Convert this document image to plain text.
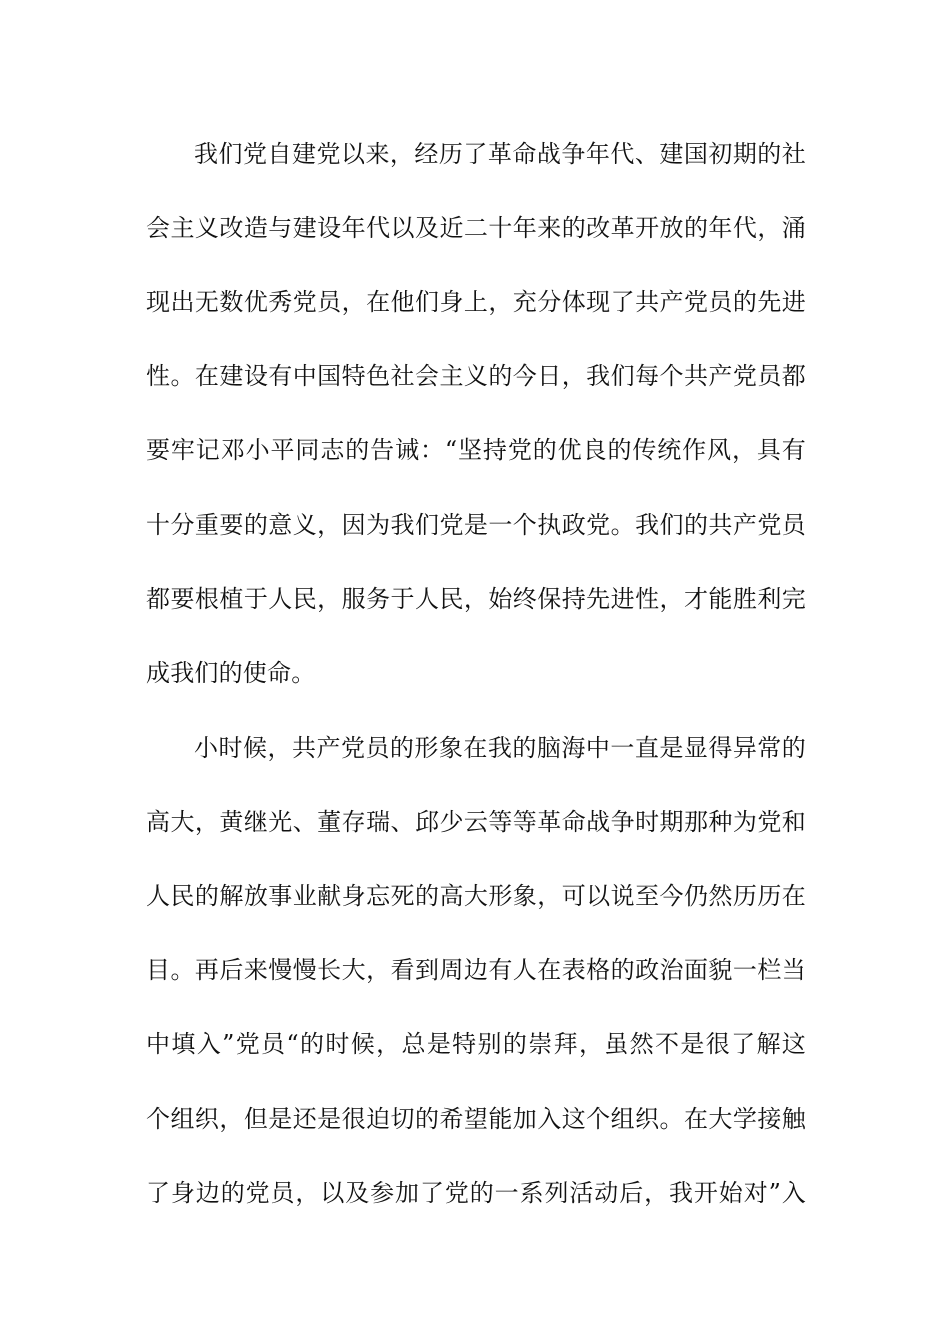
我们党自建党以来，经历了革命战争年代、建国初期的社
会主义改造与建设年代以及近二十年来的改革开放的年代，涌
现出无数优秀党员，在他们身上，充分体现了共产党员的先进
性。在建设有中国特色社会主义的今日，我们每个共产党员都
要牢记邓小平同志的告诫：“坚持党的优良的传统作风，具有
十分重要的意义，因为我们党是一个执政党。我们的共产党员
都要根植于人民，服务于人民，始终保持先进性，才能胜利完
成我们的使命。
小时候，共产党员的形象在我的脑海中一直是显得异常的
高大，黄继光、董存瑞、邱少云等等革命战争时期那种为党和
人民的解放事业献身忘死的高大形象，可以说至今仍然历历在
目。再后来慢慢长大，看到周边有人在表格的政治面貌一栏当
中填入”党员“的时候，总是特别的崇拜，虽然不是很了解这
个组织，但是还是很迫切的希望能加入这个组织。在大学接触
了身边的党员，以及参加了党的一系列活动后，我开始对”入
